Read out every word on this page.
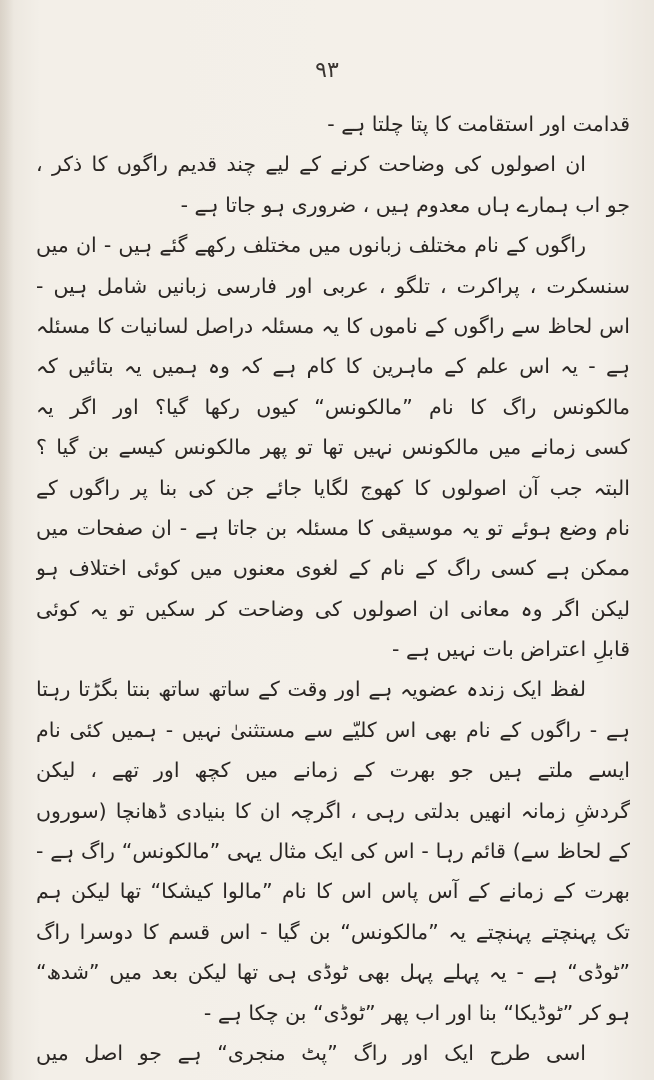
۹۳
قدامت اور استقامت کا پتا چلتا ہے -
ان اصولوں کی وضاحت کرنے کے لیے چند قدیم راگوں کا ذکر ،
جو اب ہمارے ہاں معدوم ہیں ، ضروری ہو جاتا ہے -
راگوں کے نام مختلف زبانوں میں مختلف رکھے گئے ہیں - ان میں
سنسکرت ، پراکرت ، تلگو ، عربی اور فارسی زبانیں شامل ہیں -
اس لحاظ سے راگوں کے ناموں کا یہ مسئلہ دراصل لسانیات کا مسئلہ
ہے - یہ اس علم کے ماہرین کا کام ہے کہ وہ ہمیں یہ بتائیں کہ
مالکونس راگ کا نام ”مالکونس“ کیوں رکھا گیا؟ اور اگر یہ
کسی زمانے میں مالکونس نہیں تھا تو پھر مالکونس کیسے بن گیا ؟
البتہ جب آن اصولوں کا کھوج لگایا جائے جن کی بنا پر راگوں کے
نام وضع ہوئے تو یہ موسیقی کا مسئلہ بن جاتا ہے - ان صفحات میں
ممکن ہے کسی راگ کے نام کے لغوی معنوں میں کوئی اختلاف ہو
لیکن اگر وہ معانی ان اصولوں کی وضاحت کر سکیں تو یہ کوئی
قابلِ اعتراض بات نہیں ہے -
لفظ ایک زندہ عضویہ ہے اور وقت کے ساتھ ساتھ بنتا بگڑتا رہتا
ہے - راگوں کے نام بھی اس کلیّے سے مستثنیٰ نہیں - ہمیں کئی نام
ایسے ملتے ہیں جو بھرت کے زمانے میں کچھ اور تھے ، لیکن
گردشِ زمانہ انھیں بدلتی رہی ، اگرچہ ان کا بنیادی ڈھانچا (سوروں
کے لحاظ سے) قائم رہا - اس کی ایک مثال یہی ”مالکونس“ راگ ہے -
بھرت کے زمانے کے آس پاس اس کا نام ”مالوا کیشکا“ تھا لیکن ہم
تک پہنچتے پہنچتے یہ ”مالکونس“ بن گیا - اس قسم کا دوسرا راگ
”ٹوڈی“ ہے - یہ پہلے پہل بھی ٹوڈی ہی تھا لیکن بعد میں ”شدھ“
ہو کر ”ٹوڈیکا“ بنا اور اب پھر ”ٹوڈی“ بن چکا ہے -
اسی طرح ایک اور راگ ”پٹ منجری“ ہے جو اصل میں
